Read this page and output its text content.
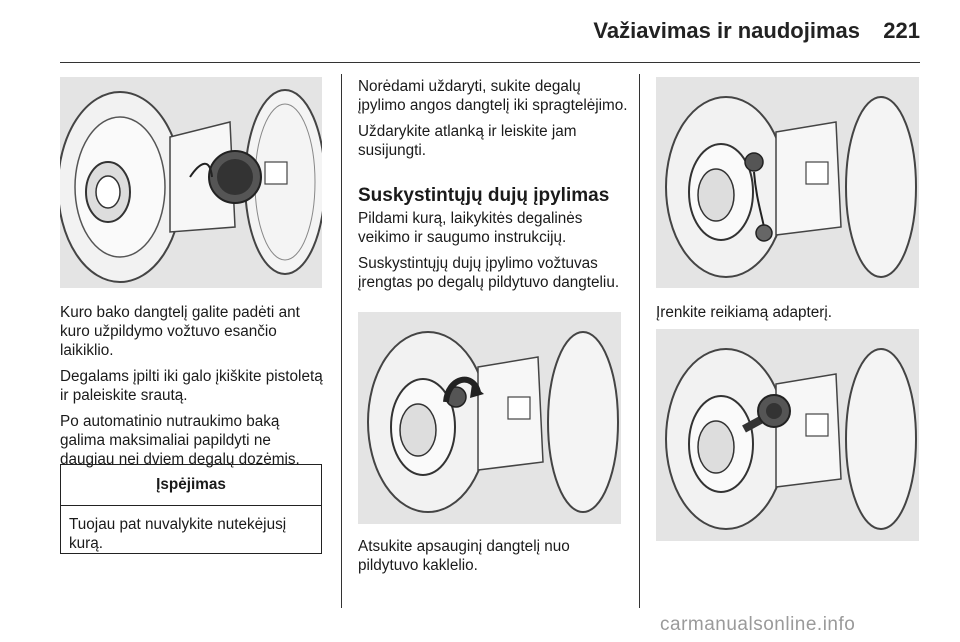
Važiavimas ir naudojimas	221

Kuro bako dangtelį galite padėti ant kuro užpildymo vožtuvo esančio laikiklio.

Degalams įpilti iki galo įkiškite pistoletą ir paleiskite srautą.

Po automatinio nutraukimo baką galima maksimaliai papildyti ne daugiau nei dviem degalų dozėmis.

Įspėjimas
Tuojau pat nuvalykite nutekėjusį kurą.

Norėdami uždaryti, sukite degalų įpylimo angos dangtelį iki spragtelėjimo.

Uždarykite atlanką ir leiskite jam susijungti.

Suskystintųjų dujų įpylimas

Pildami kurą, laikykitės degalinės veikimo ir saugumo instrukcijų.

Suskystintųjų dujų įpylimo vožtuvas įrengtas po degalų pildytuvo dangteliu.

Atsukite apsauginį dangtelį nuo pildytuvo kaklelio.

Įrenkite reikiamą adapterį.

carmanualsonline.info
